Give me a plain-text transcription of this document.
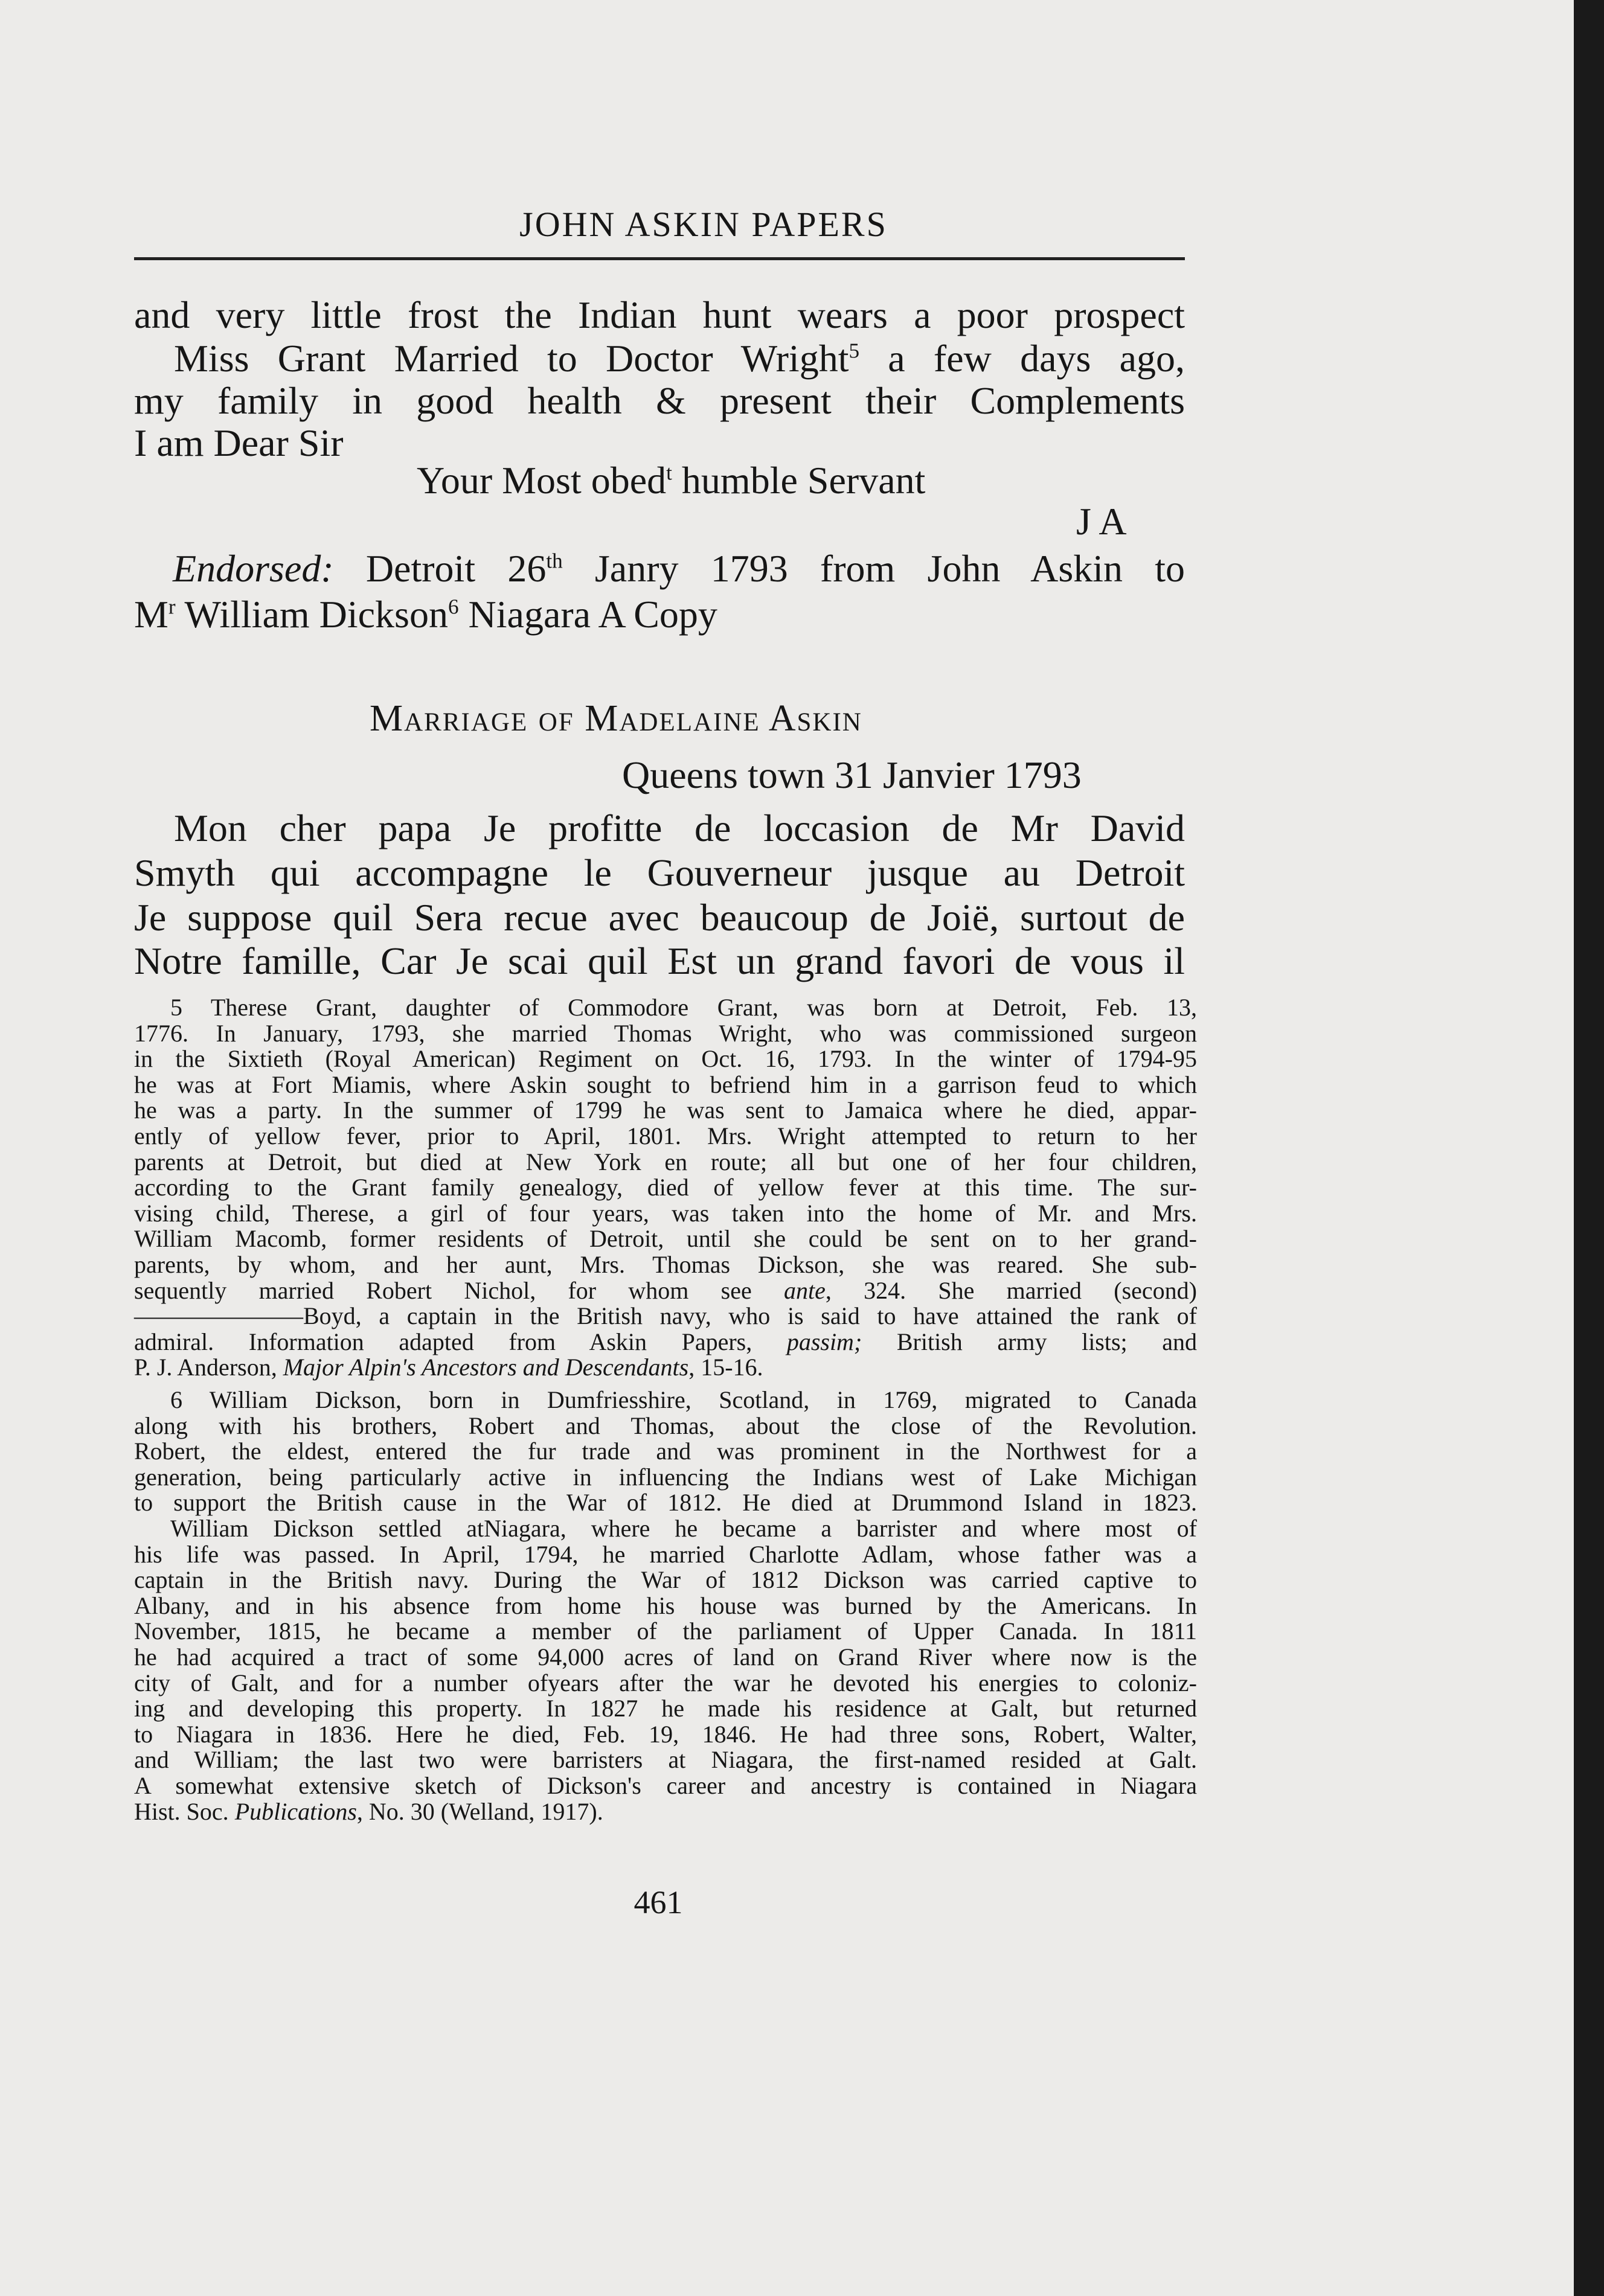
JOHN ASKIN PAPERS
and very little frost the Indian hunt wears a poor prospect
Miss Grant Married to Doctor Wright$^5$ a few days ago,
my family in good health & present their Complements
I am Dear Sir
Your Most obed$^t$ humble Servant
J A
Endorsed: Detroit 26th Janry 1793 from John Askin to
$M^r$ William Dickson$^6$ Niagara A Copy
Marriage of Madelaine Askin
Queens town 31 Janvier 1793
Mon cher papa Je profitte de loccasion de Mr David
Smyth qui accompagne le Gouverneur jusque au Detroit
Je suppose quil Sera recue avec beaucoup de Joiё, surtout de
Notre famille, Car Je scai quil Est un grand favori de vous il
5 Therese Grant, daughter of Commodore Grant, was born at Detroit, Feb. 13,
1776. In January, 1793, she married Thomas Wright, who was commissioned surgeon
in the Sixtieth (Royal American) Regiment on Oct. 16, 1793. In the winter of 1794-95
he was at Fort Miamis, where Askin sought to befriend him in a garrison feud to which
he was a party. In the summer of 1799 he was sent to Jamaica where he died, appar-
ently of yellow fever, prior to April, 1801. Mrs. Wright attempted to return to her
parents at Detroit, but died at New York en route; all but one of her four children,
according to the Grant family genealogy, died of yellow fever at this time. The sur-
vising child, Therese, a girl of four years, was taken into the home of Mr. and Mrs.
William Macomb, former residents of Detroit, until she could be sent on to her grand-
parents, by whom, and her aunt, Mrs. Thomas Dickson, she was reared. She sub-
sequently married Robert Nichol, for whom see ante, 324. She married (second)
———————Boyd, a captain in the British navy, who is said to have attained the rank of
admiral. Information adapted from Askin Papers, passim; British army lists; and
P. J. Anderson, Major Alpin's Ancestors and Descendants, 15-16.
6 William Dickson, born in Dumfriesshire, Scotland, in 1769, migrated to Canada
along with his brothers, Robert and Thomas, about the close of the Revolution.
Robert, the eldest, entered the fur trade and was prominent in the Northwest for a
generation, being particularly active in influencing the Indians west of Lake Michigan
to support the British cause in the War of 1812. He died at Drummond Island in 1823.
William Dickson settled atNiagara, where he became a barrister and where most of
his life was passed. In April, 1794, he married Charlotte Adlam, whose father was a
captain in the British navy. During the War of 1812 Dickson was carried captive to
Albany, and in his absence from home his house was burned by the Americans. In
November, 1815, he became a member of the parliament of Upper Canada. In 1811
he had acquired a tract of some 94,000 acres of land on Grand River where now is the
city of Galt, and for a number ofyears after the war he devoted his energies to coloniz-
ing and developing this property. In 1827 he made his residence at Galt, but returned
to Niagara in 1836. Here he died, Feb. 19, 1846. He had three sons, Robert, Walter,
and William; the last two were barristers at Niagara, the first-named resided at Galt.
A somewhat extensive sketch of Dickson's career and ancestry is contained in Niagara
Hist. Soc. Publications, No. 30 (Welland, 1917).
461
